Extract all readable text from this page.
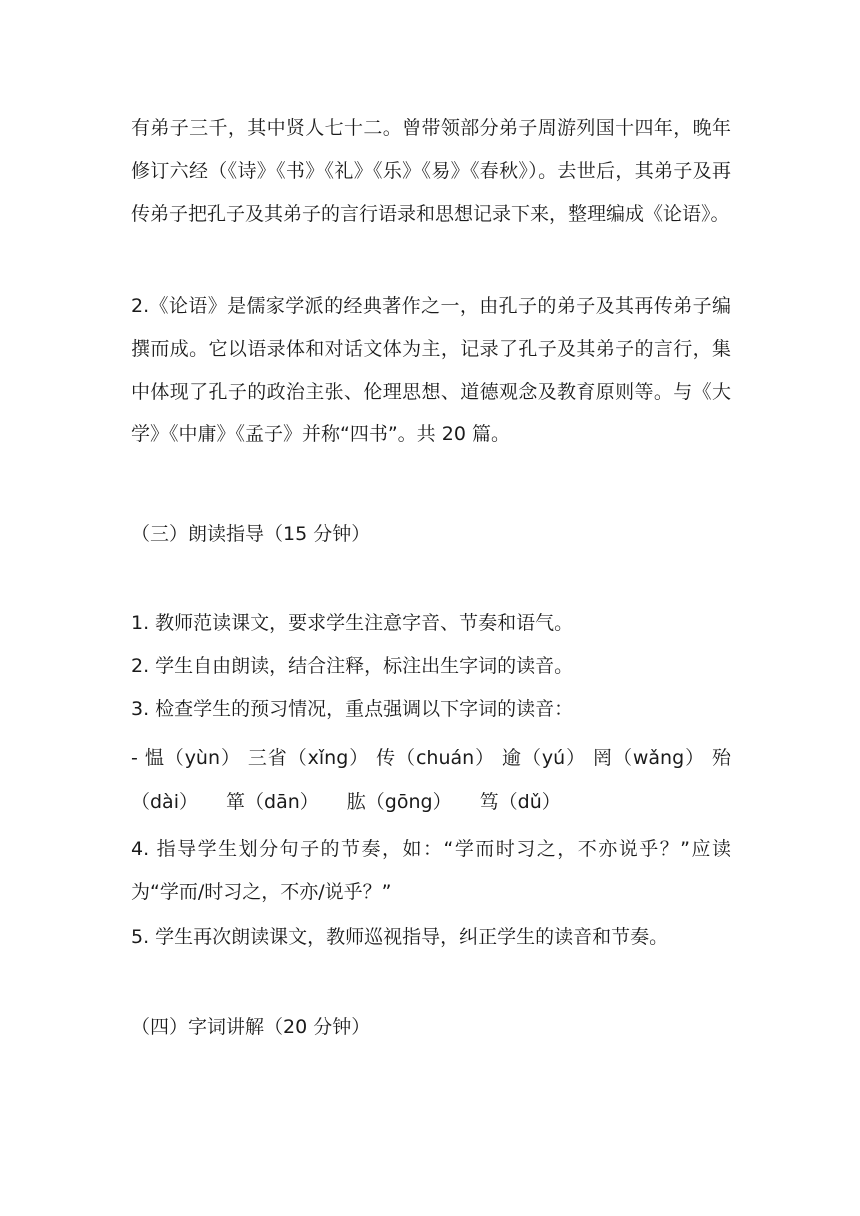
有弟子三千，其中贤人七十二。曾带领部分弟子周游列国十四年，晚年修订六经（《诗》《书》《礼》《乐》《易》《春秋》）。去世后，其弟子及再传弟子把孔子及其弟子的言行语录和思想记录下来，整理编成《论语》。

2.《论语》是儒家学派的经典著作之一，由孔子的弟子及其再传弟子编撰而成。它以语录体和对话文体为主，记录了孔子及其弟子的言行，集中体现了孔子的政治主张、伦理思想、道德观念及教育原则等。与《大学》《中庸》《孟子》并称“四书”。共 20 篇。

（三）朗读指导（15 分钟）

1. 教师范读课文，要求学生注意字音、节奏和语气。

2. 学生自由朗读，结合注释，标注出生字词的读音。

3. 检查学生的预习情况，重点强调以下字词的读音：

- 愠（yùn） 三省（xǐng） 传（chuán） 逾（yú） 罔（wǎng） 殆

（dài） 箪（dān） 肱（gōng） 笃（dǔ）

4. 指导学生划分句子的节奏，如：“学而时习之，不亦说乎？”应读为“学而/时习之，不亦/说乎？”

5. 学生再次朗读课文，教师巡视指导，纠正学生的读音和节奏。

（四）字词讲解（20 分钟）
